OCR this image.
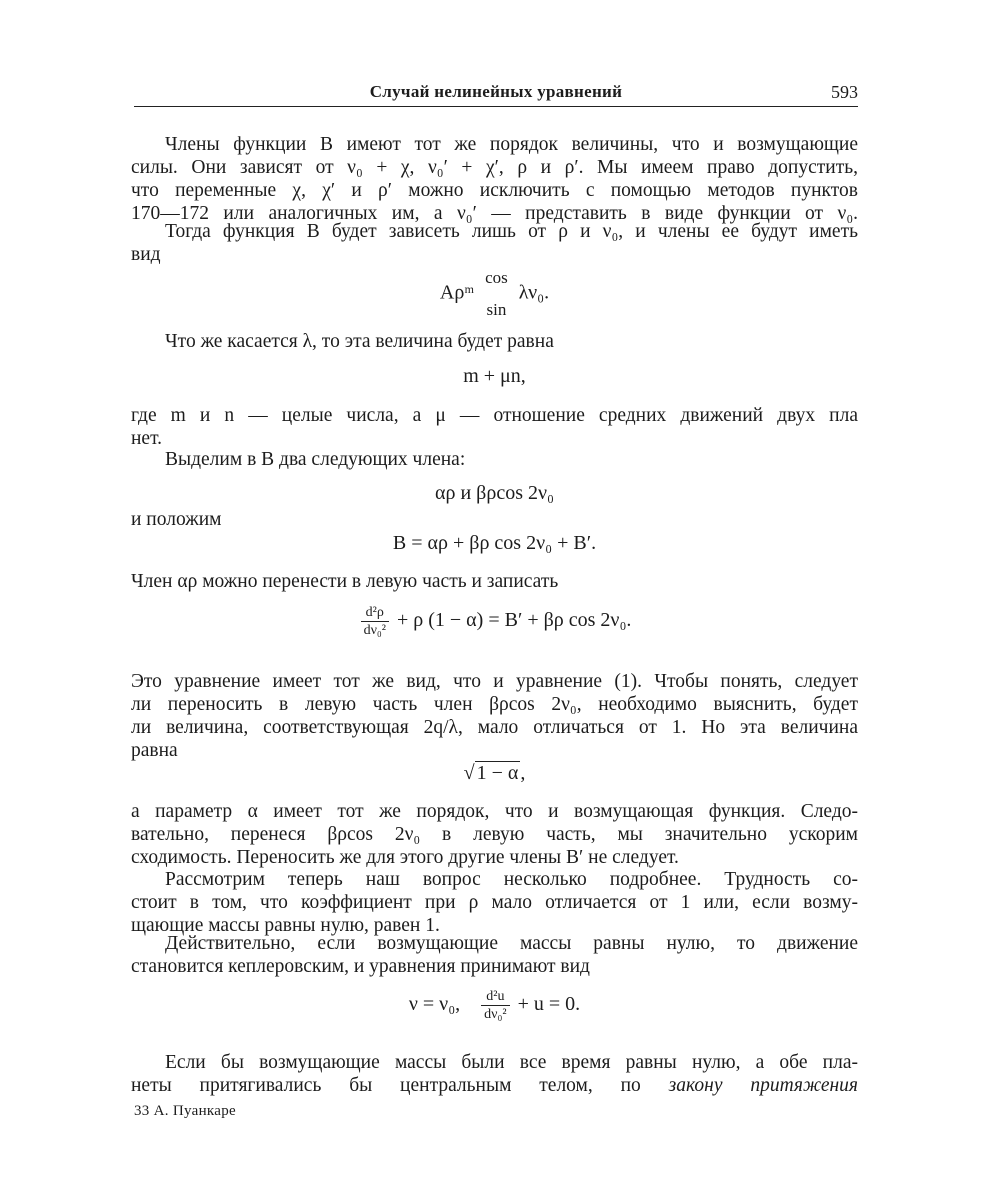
Случай нелинейных уравнений	593
Члены функции B имеют тот же порядок величины, что и возмущающие
силы. Они зависят от ν₀ + χ, ν₀′ + χ′, ρ и ρ′. Мы имеем право допустить,
что переменные χ, χ′ и ρ′ можно исключить с помощью методов пунктов
170—172 или аналогичных им, а ν₀′ — представить в виде функции от ν₀.
Тогда функция B будет зависеть лишь от ρ и ν₀, и члены ее будут иметь
вид
Aρᵐ
cos
sin
λν₀.
Что же касается λ, то эта величина будет равна
m + μn,
где m и n — целые числа, а μ — отношение средних движений двух пла
нет.
Выделим в B два следующих члена:
αρ и βρcos 2ν₀
и положим
B = αρ + βρ cos 2ν₀ + B′.
Член αρ можно перенести в левую часть и записать
$\frac{\text{d²ρ}}{\text{dν₀²}} + \rho$ (1 − α) = B′ + βρ cos 2ν₀.
Это уравнение имеет тот же вид, что и уравнение (1). Чтобы понять, следует
ли переносить в левую часть член βρcos 2ν₀, необходимо выяснить, будет
ли величина, соответствующая 2q/λ, мало отличаться от 1. Но эта величина
равна
√ 1 − α ,
а параметр α имеет тот же порядок, что и возмущающая функция. Следо-
вательно, перенеся βρcos 2ν₀ в левую часть, мы значительно ускорим
сходимость. Переносить же для этого другие члены B′ не следует.
Рассмотрим теперь наш вопрос несколько подробнее. Трудность со-
стоит в том, что коэффициент при ρ мало отличается от 1 или, если возму-
щающие массы равны нулю, равен 1.
Действительно, если возмущающие массы равны нулю, то движение
становится кеплеровским, и уравнения принимают вид
ν = ν₀, $\frac{\text{d²u}}{\text{dν₀²}} + u = 0$.
Если бы возмущающие массы были все время равны нулю, а обе пла-
неты притягивались бы центральным телом, по закону притяжения
33 А. Пуанкаре
